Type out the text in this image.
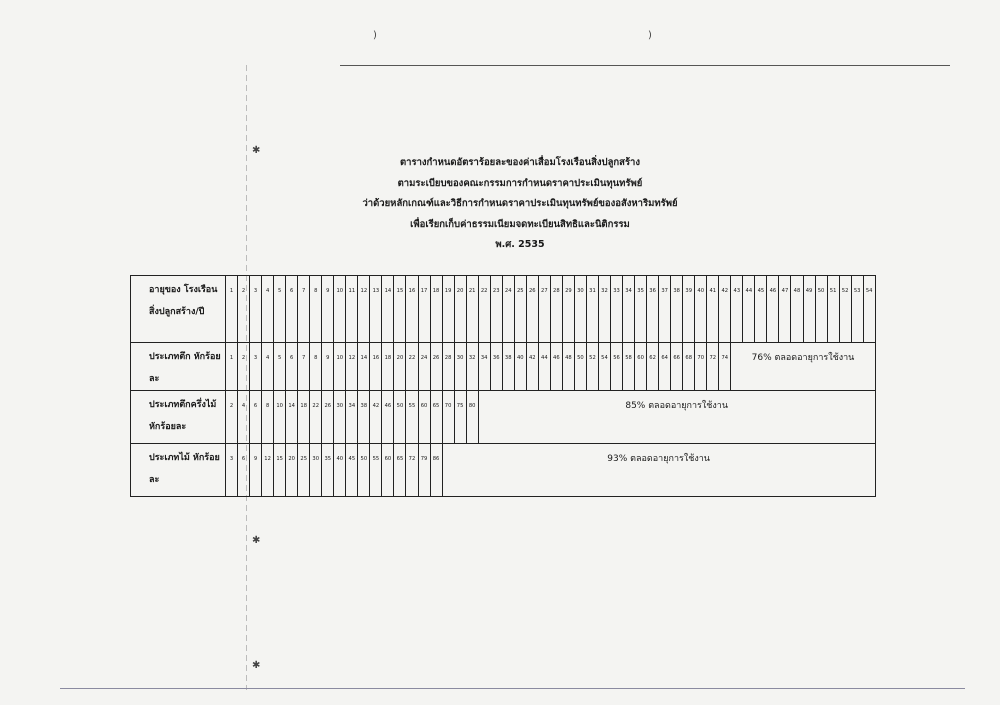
)	)
✱
✱
✱
ตารางกำหนดอัตราร้อยละของค่าเสื่อมโรงเรือนสิ่งปลูกสร้าง
ตามระเบียบของคณะกรรมการกำหนดราคาประเมินทุนทรัพย์
ว่าด้วยหลักเกณฑ์และวิธีการกำหนดราคาประเมินทุนทรัพย์ของอสังหาริมทรัพย์
เพื่อเรียกเก็บค่าธรรมเนียมจดทะเบียนสิทธิและนิติกรรม
พ.ศ. 2535
อายุของ โรงเรือน สิ่งปลูกสร้าง/ปี	1	2	3	4	5	6	7	8	9	10	11	12	13	14	15	16	17	18	19	20	21	22	23	24	25	26	27	28	29	30	31	32	33	34	35	36	37	38	39	40	41	42	43	44	45	46	47	48	49	50	51	52	53	54
ประเภทตึก หักร้อยละ	1	2	3	4	5	6	7	8	9	10	12	14	16	18	20	22	24	26	28	30	32	34	36	38	40	42	44	46	48	50	52	54	56	58	60	62	64	66	68	70	72	74	76% ตลอดอายุการใช้งาน											
ประเภทตึกครึ่งไม้ หักร้อยละ	2	4	6	8	10	14	18	22	26	30	34	38	42	46	50	55	60	65	70	75	80	85% ตลอดอายุการใช้งาน																																
ประเภทไม้ หักร้อยละ	3	6	9	12	15	20	25	30	35	40	45	50	55	60	65	72	79	86	93% ตลอดอายุการใช้งาน																																			
